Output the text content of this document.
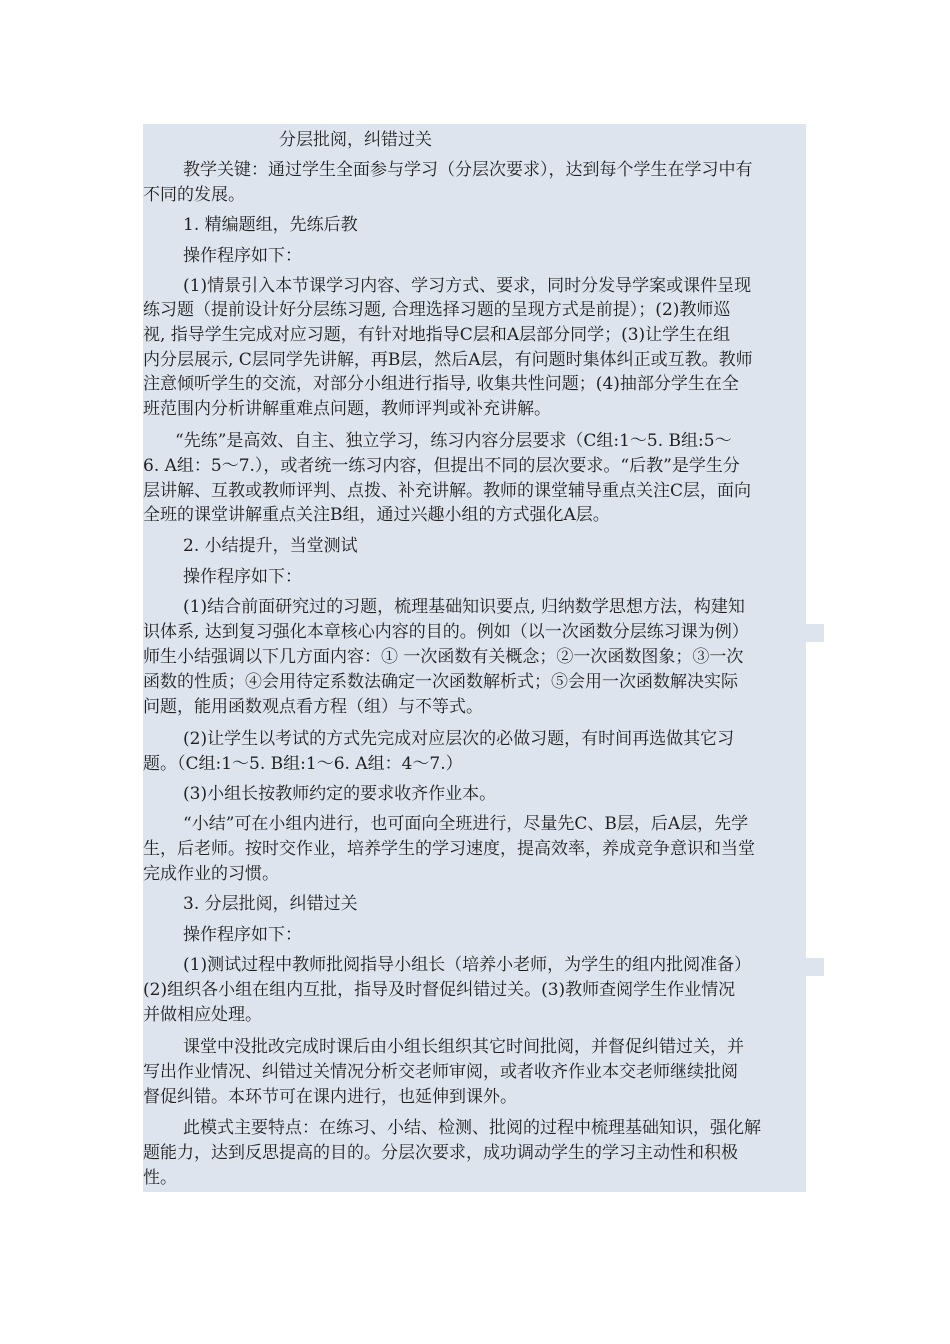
分层批阅，纠错过关
教学关键：通过学生全面参与学习（分层次要求），达到每个学生在学习中有
不同的发展。
1. 精编题组，先练后教
操作程序如下：
(1)情景引入本节课学习内容、学习方式、要求，同时分发导学案或课件呈现
练习题（提前设计好分层练习题, 合理选择习题的呈现方式是前提）；(2)教师巡
视, 指导学生完成对应习题，有针对地指导C层和A层部分同学；(3)让学生在组
内分层展示, C层同学先讲解，再B层，然后A层，有问题时集体纠正或互教。教师
注意倾听学生的交流，对部分小组进行指导, 收集共性问题；(4)抽部分学生在全
班范围内分析讲解重难点问题，教师评判或补充讲解。
“先练”是高效、自主、独立学习，练习内容分层要求（C组:1～5. B组:5～
6. A组：5～7.），或者统一练习内容，但提出不同的层次要求。“后教”是学生分
层讲解、互教或教师评判、点拨、补充讲解。教师的课堂辅导重点关注C层，面向
全班的课堂讲解重点关注B组，通过兴趣小组的方式强化A层。
2. 小结提升，当堂测试
操作程序如下：
(1)结合前面研究过的习题，梳理基础知识要点, 归纳数学思想方法，构建知
识体系, 达到复习强化本章核心内容的目的。例如（以一次函数分层练习课为例）
师生小结强调以下几方面内容：① 一次函数有关概念；②一次函数图象；③一次
函数的性质；④会用待定系数法确定一次函数解析式；⑤会用一次函数解决实际
问题，能用函数观点看方程（组）与不等式。
(2)让学生以考试的方式先完成对应层次的必做习题，有时间再选做其它习
题。（C组:1～5. B组:1～6. A组：4～7.）
(3)小组长按教师约定的要求收齐作业本。
“小结”可在小组内进行，也可面向全班进行，尽量先C、B层，后A层，先学
生，后老师。按时交作业，培养学生的学习速度，提高效率，养成竞争意识和当堂
完成作业的习惯。
3. 分层批阅，纠错过关
操作程序如下：
(1)测试过程中教师批阅指导小组长（培养小老师，为学生的组内批阅准备）
(2)组织各小组在组内互批，指导及时督促纠错过关。(3)教师查阅学生作业情况
并做相应处理。
课堂中没批改完成时课后由小组长组织其它时间批阅，并督促纠错过关，并
写出作业情况、纠错过关情况分析交老师审阅，或者收齐作业本交老师继续批阅
督促纠错。本环节可在课内进行，也延伸到课外。
此模式主要特点：在练习、小结、检测、批阅的过程中梳理基础知识，强化解
题能力，达到反思提高的目的。分层次要求，成功调动学生的学习主动性和积极
性。
